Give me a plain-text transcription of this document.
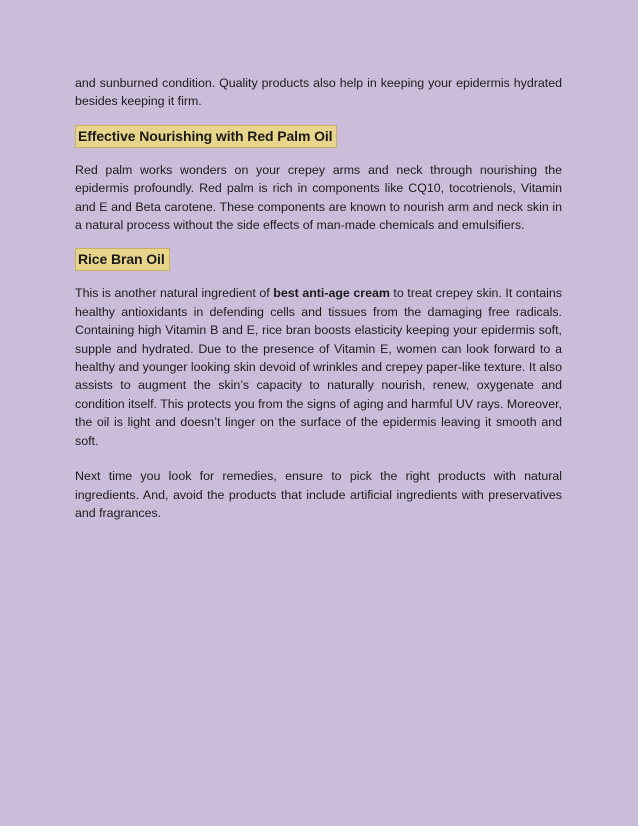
and sunburned condition. Quality products also help in keeping your epidermis hydrated besides keeping it firm.

Effective Nourishing with Red Palm Oil

Red palm works wonders on your crepey arms and neck through nourishing the epidermis profoundly. Red palm is rich in components like CQ10, tocotrienols, Vitamin and E and Beta carotene. These components are known to nourish arm and neck skin in a natural process without the side effects of man-made chemicals and emulsifiers.

Rice Bran Oil

This is another natural ingredient of best anti-age cream to treat crepey skin. It contains healthy antioxidants in defending cells and tissues from the damaging free radicals. Containing high Vitamin B and E, rice bran boosts elasticity keeping your epidermis soft, supple and hydrated. Due to the presence of Vitamin E, women can look forward to a healthy and younger looking skin devoid of wrinkles and crepey paper-like texture. It also assists to augment the skin’s capacity to naturally nourish, renew, oxygenate and condition itself. This protects you from the signs of aging and harmful UV rays. Moreover, the oil is light and doesn’t linger on the surface of the epidermis leaving it smooth and soft.

Next time you look for remedies, ensure to pick the right products with natural ingredients. And, avoid the products that include artificial ingredients with preservatives and fragrances.
